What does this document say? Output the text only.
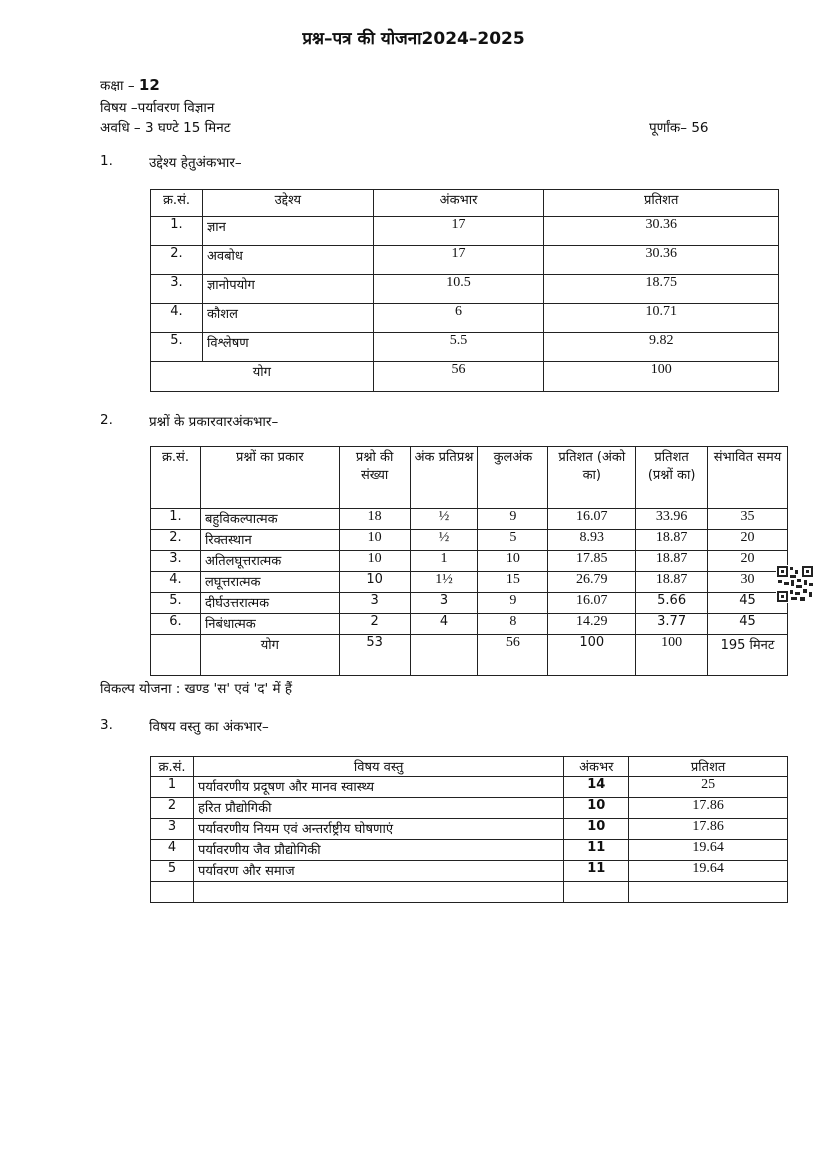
प्रश्न–पत्र की योजना2024–2025
कक्षा – 12
विषय –पर्यावरण विज्ञान
अवधि – 3 घण्टे 15 मिनट	पूर्णांक– 56
1.	उद्देश्य हेतुअंकभार–
क्र.सं.	उद्देश्य	अंकभार	प्रतिशत
1.	ज्ञान	17	30.36
2.	अवबोध	17	30.36
3.	ज्ञानोपयोग	10.5	18.75
4.	कौशल	6	10.71
5.	विश्लेषण	5.5	9.82
योग		56	100
2.	प्रश्नों के प्रकारवारअंकभार–
क्र.सं.	प्रश्नों का प्रकार	प्रश्नो की संख्या	अंक प्रतिप्रश्न	कुलअंक	प्रतिशत (अंको का)	प्रतिशत (प्रश्नों का)	संभावित समय
1.	बहुविकल्पात्मक	18	½	9	16.07	33.96	35
2.	रिक्तस्थान	10	½	5	8.93	18.87	20
3.	अतिलघूत्तरात्मक	10	1	10	17.85	18.87	20
4.	लघूत्तरात्मक	10	1½	15	26.79	18.87	30
5.	दीर्घउत्तरात्मक	3	3	9	16.07	5.66	45
6.	निबंधात्मक	2	4	8	14.29	3.77	45
	योग	53		56	100	100	195 मिनट
विकल्प योजना : खण्ड 'स' एवं 'द' में हैं
3.	विषय वस्तु का अंकभार–
क्र.सं.	विषय वस्तु	अंकभर	प्रतिशत
1	पर्यावरणीय प्रदूषण और मानव स्वास्थ्य	14	25
2	हरित प्रौद्योगिकी	10	17.86
3	पर्यावरणीय नियम एवं अन्तर्राष्ट्रीय घोषणाएं	10	17.86
4	पर्यावरणीय जैव प्रौद्योगिकी	11	19.64
5	पर्यावरण और समाज	11	19.64
